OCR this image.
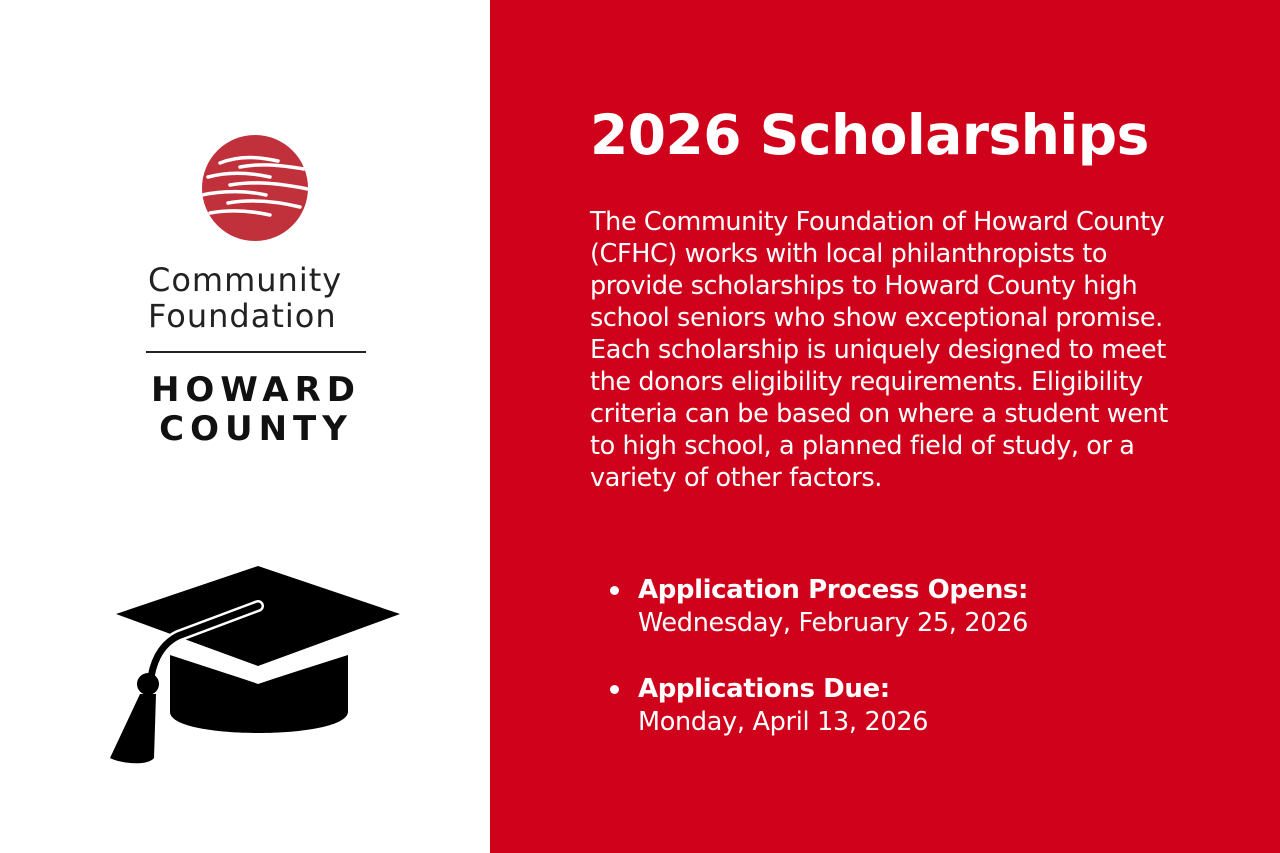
Community
Foundation
HOWARD
COUNTY
2026 Scholarships
The Community Foundation of Howard County (CFHC) works with local philanthropists to provide scholarships to Howard County high school seniors who show exceptional promise. Each scholarship is uniquely designed to meet the donors eligibility requirements. Eligibility criteria can be based on where a student went to high school, a planned field of study, or a variety of other factors.
Application Process Opens:
Wednesday, February 25, 2026
Applications Due:
Monday, April 13, 2026
